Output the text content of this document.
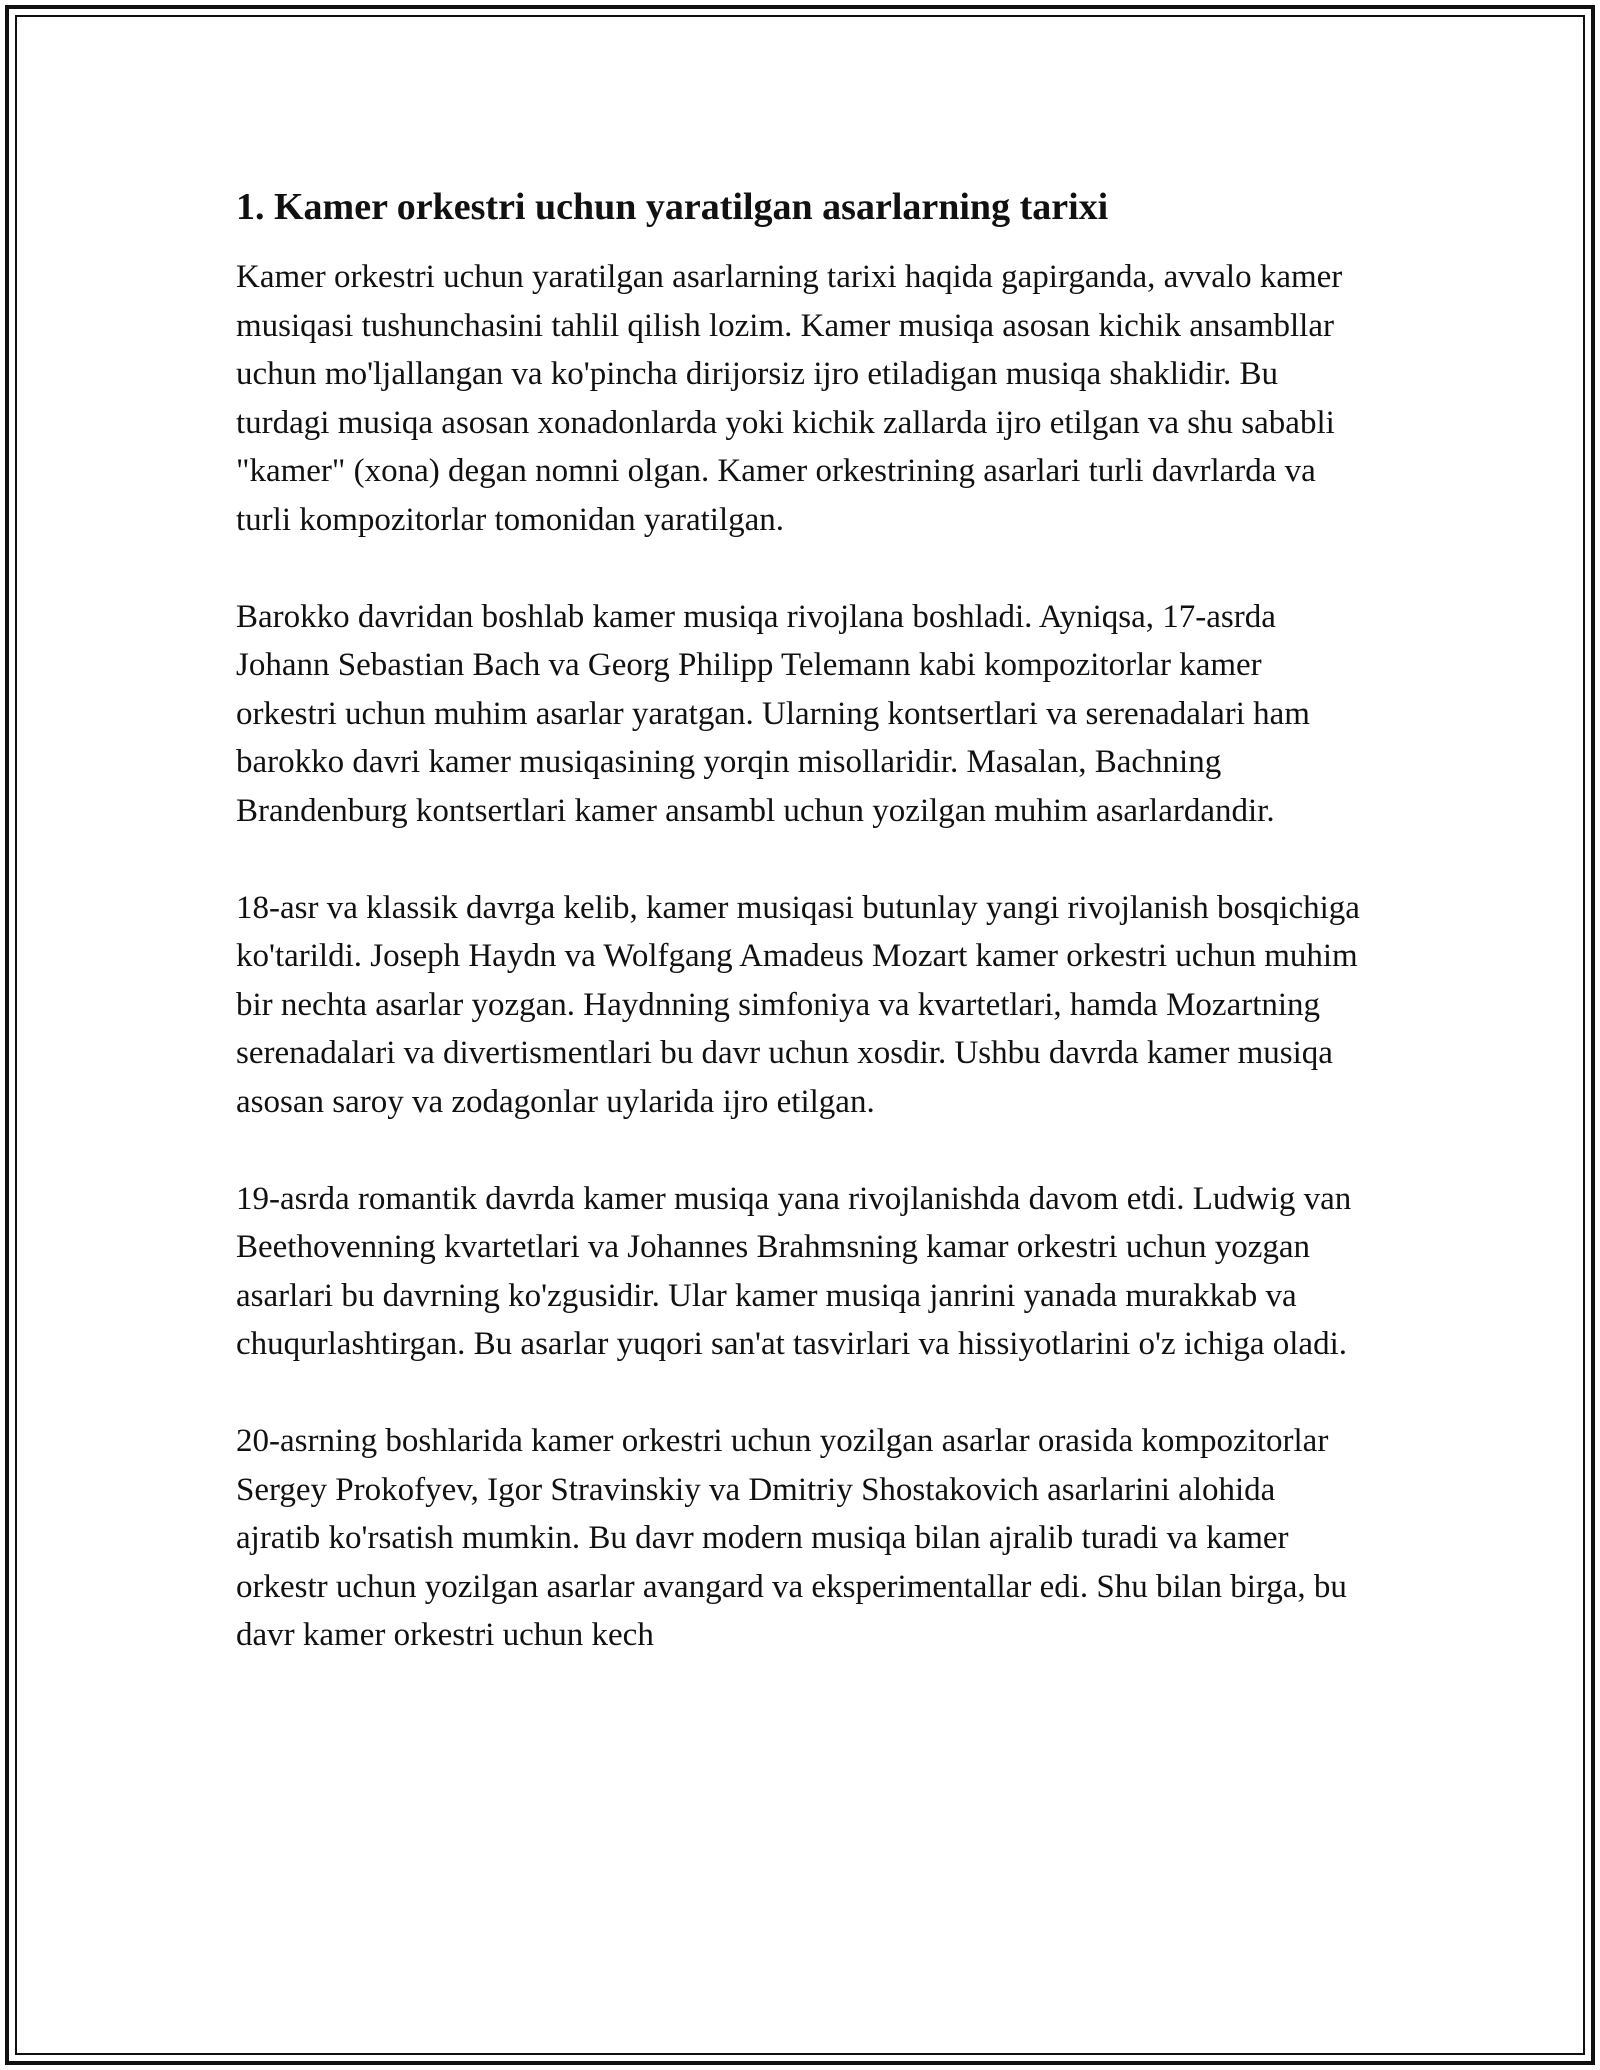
1. Kamer orkestri uchun yaratilgan asarlarning tarixi

Kamer orkestri uchun yaratilgan asarlarning tarixi haqida gapirganda, avvalo kamer musiqasi tushunchasini tahlil qilish lozim. Kamer musiqa asosan kichik ansambllar uchun mo'ljallangan va ko'pincha dirijorsiz ijro etiladigan musiqa shaklidir. Bu turdagi musiqa asosan xonadonlarda yoki kichik zallarda ijro etilgan va shu sababli "kamer" (xona) degan nomni olgan. Kamer orkestrining asarlari turli davrlarda va turli kompozitorlar tomonidan yaratilgan.

Barokko davridan boshlab kamer musiqa rivojlana boshladi. Ayniqsa, 17-asrda Johann Sebastian Bach va Georg Philipp Telemann kabi kompozitorlar kamer orkestri uchun muhim asarlar yaratgan. Ularning kontsertlari va serenadalari ham barokko davri kamer musiqasining yorqin misollaridir. Masalan, Bachning Brandenburg kontsertlari kamer ansambl uchun yozilgan muhim asarlardandir.

18-asr va klassik davrga kelib, kamer musiqasi butunlay yangi rivojlanish bosqichiga ko'tarildi. Joseph Haydn va Wolfgang Amadeus Mozart kamer orkestri uchun muhim bir nechta asarlar yozgan. Haydnning simfoniya va kvartetlari, hamda Mozartning serenadalari va divertismentlari bu davr uchun xosdir. Ushbu davrda kamer musiqa asosan saroy va zodagonlar uylarida ijro etilgan.

19-asrda romantik davrda kamer musiqa yana rivojlanishda davom etdi. Ludwig van Beethovenning kvartetlari va Johannes Brahmsning kamar orkestri uchun yozgan asarlari bu davrning ko'zgusidir. Ular kamer musiqa janrini yanada murakkab va chuqurlashtirgan. Bu asarlar yuqori san'at tasvirlari va hissiyotlarini o'z ichiga oladi.

20-asrning boshlarida kamer orkestri uchun yozilgan asarlar orasida kompozitorlar Sergey Prokofyev, Igor Stravinskiy va Dmitriy Shostakovich asarlarini alohida ajratib ko'rsatish mumkin. Bu davr modern musiqa bilan ajralib turadi va kamer orkestr uchun yozilgan asarlar avangard va eksperimentallar edi. Shu bilan birga, bu davr kamer orkestri uchun kech
